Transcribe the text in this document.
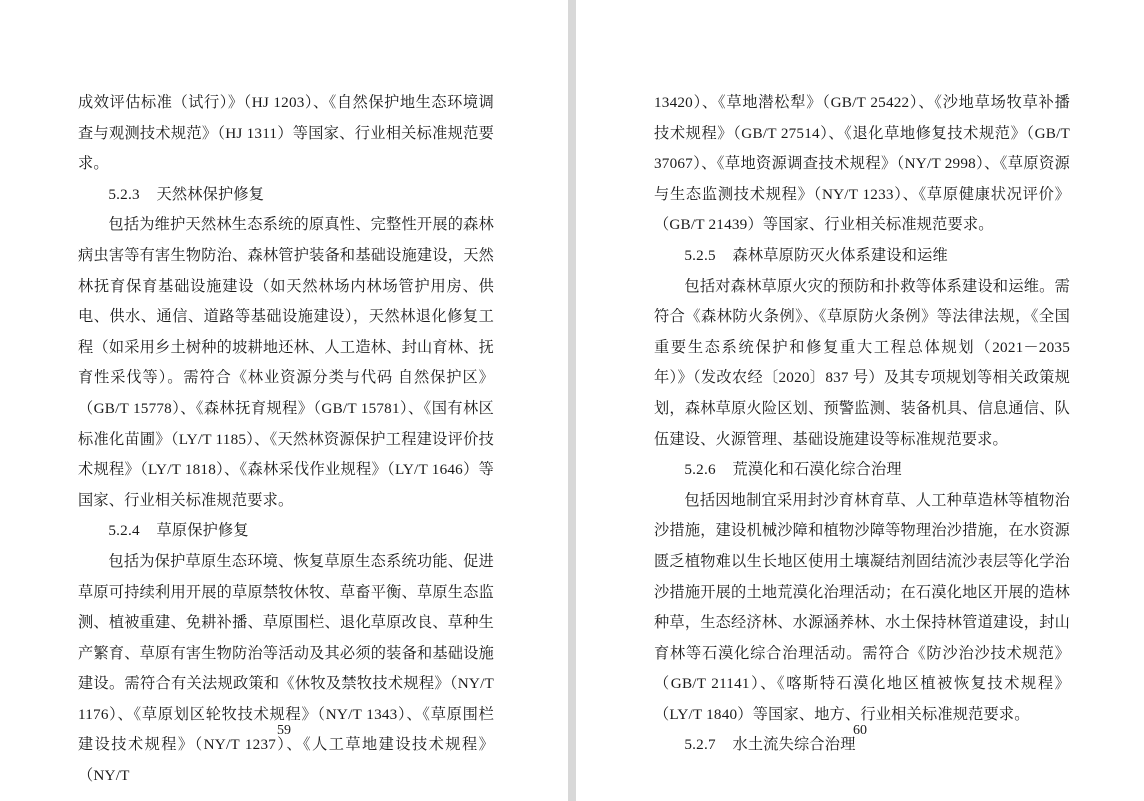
成效评估标准（试行）》（HJ 1203）、《自然保护地生态环境调查与观测技术规范》（HJ 1311）等国家、行业相关标准规范要求。

5.2.3 天然林保护修复

包括为维护天然林生态系统的原真性、完整性开展的森林病虫害等有害生物防治、森林管护装备和基础设施建设，天然林抚育保育基础设施建设（如天然林场内林场管护用房、供电、供水、通信、道路等基础设施建设），天然林退化修复工程（如采用乡土树种的坡耕地还林、人工造林、封山育林、抚育性采伐等）。需符合《林业资源分类与代码 自然保护区》（GB/T 15778）、《森林抚育规程》（GB/T 15781）、《国有林区标准化苗圃》（LY/T 1185）、《天然林资源保护工程建设评价技术规程》（LY/T 1818）、《森林采伐作业规程》（LY/T 1646）等国家、行业相关标准规范要求。

5.2.4 草原保护修复

包括为保护草原生态环境、恢复草原生态系统功能、促进草原可持续利用开展的草原禁牧休牧、草畜平衡、草原生态监测、植被重建、免耕补播、草原围栏、退化草原改良、草种生产繁育、草原有害生物防治等活动及其必须的装备和基础设施建设。需符合有关法规政策和《休牧及禁牧技术规程》（NY/T 1176）、《草原划区轮牧技术规程》（NY/T 1343）、《草原围栏建设技术规程》（NY/T 1237）、《人工草地建设技术规程》（NY/T

59

13420）、《草地潜松犁》（GB/T 25422）、《沙地草场牧草补播技术规程》（GB/T 27514）、《退化草地修复技术规范》（GB/T 37067）、《草地资源调查技术规程》（NY/T 2998）、《草原资源与生态监测技术规程》（NY/T 1233）、《草原健康状况评价》（GB/T 21439）等国家、行业相关标准规范要求。

5.2.5 森林草原防灭火体系建设和运维

包括对森林草原火灾的预防和扑救等体系建设和运维。需符合《森林防火条例》、《草原防火条例》等法律法规，《全国重要生态系统保护和修复重大工程总体规划（2021－2035 年）》（发改农经〔2020〕837 号）及其专项规划等相关政策规划，森林草原火险区划、预警监测、装备机具、信息通信、队伍建设、火源管理、基础设施建设等标准规范要求。

5.2.6 荒漠化和石漠化综合治理

包括因地制宜采用封沙育林育草、人工种草造林等植物治沙措施，建设机械沙障和植物沙障等物理治沙措施，在水资源匮乏植物难以生长地区使用土壤凝结剂固结流沙表层等化学治沙措施开展的土地荒漠化治理活动；在石漠化地区开展的造林种草，生态经济林、水源涵养林、水土保持林管道建设，封山育林等石漠化综合治理活动。需符合《防沙治沙技术规范》（GB/T 21141）、《喀斯特石漠化地区植被恢复技术规程》（LY/T 1840）等国家、地方、行业相关标准规范要求。

5.2.7 水土流失综合治理

60
